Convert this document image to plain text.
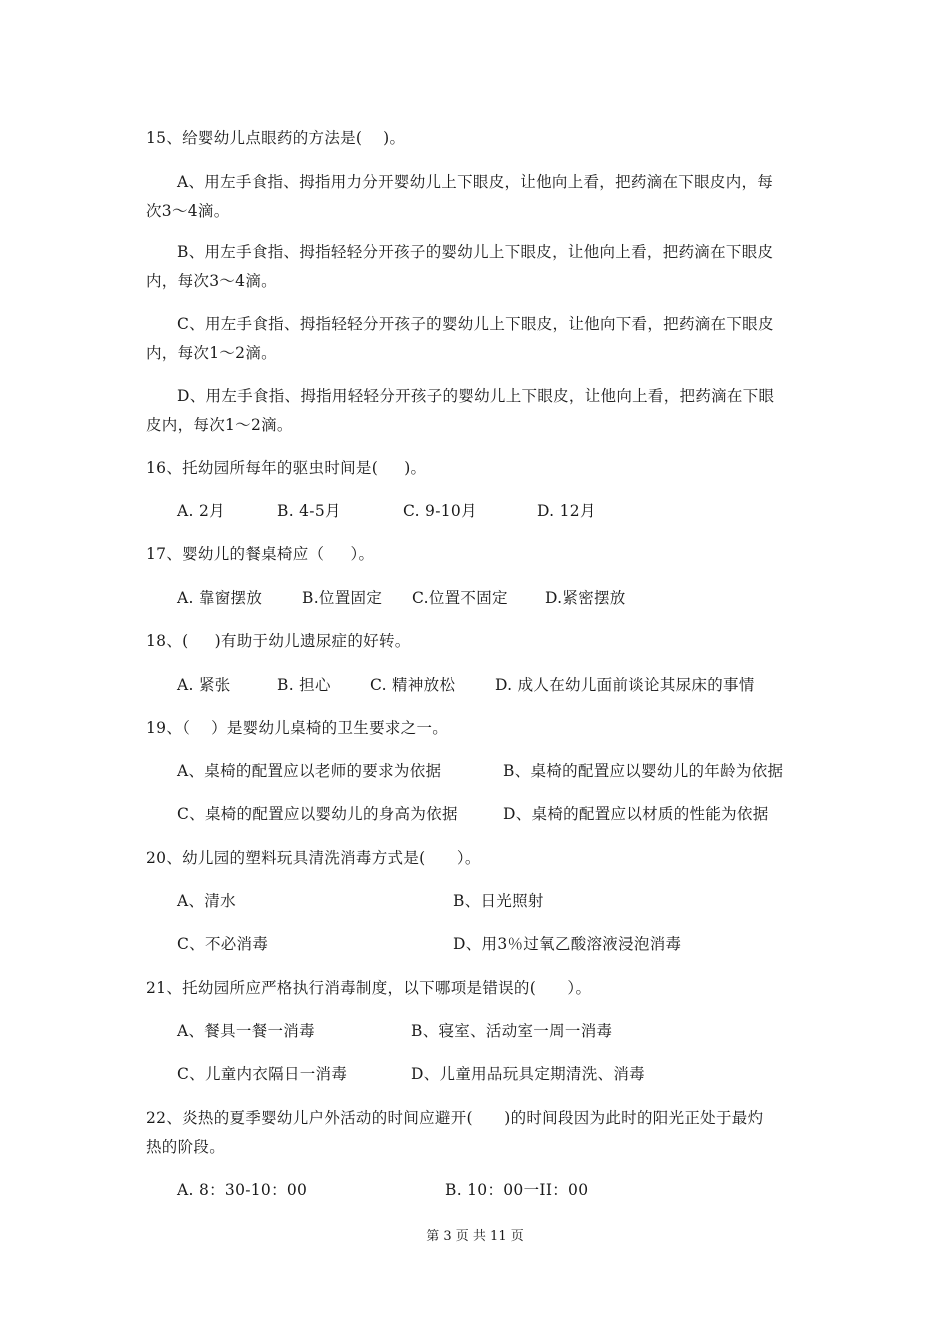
15、给婴幼儿点眼药的方法是(    )。
A、用左手食指、拇指用力分开婴幼儿上下眼皮，让他向上看，把药滴在下眼皮内，每
次3～4滴。
B、用左手食指、拇指轻轻分开孩子的婴幼儿上下眼皮，让他向上看，把药滴在下眼皮
内，每次3～4滴。
C、用左手食指、拇指轻轻分开孩子的婴幼儿上下眼皮，让他向下看，把药滴在下眼皮
内，每次1～2滴。
D、用左手食指、拇指用轻轻分开孩子的婴幼儿上下眼皮，让他向上看，把药滴在下眼
皮内，每次1～2滴。
16、托幼园所每年的驱虫时间是(     )。
A. 2月	B. 4-5月	C. 9-10月	D. 12月
17、婴幼儿的餐桌椅应（     ）。
A. 靠窗摆放	B.位置固定 C.位置不固定 D.紧密摆放
18、(     )有助于幼儿遗尿症的好转。
A. 紧张	B. 担心	C. 精神放松	D. 成人在幼儿面前谈论其尿床的事情
19、（    ）是婴幼儿桌椅的卫生要求之一。
A、桌椅的配置应以老师的要求为依据	B、桌椅的配置应以婴幼儿的年龄为依据
C、桌椅的配置应以婴幼儿的身高为依据	D、桌椅的配置应以材质的性能为依据
20、幼儿园的塑料玩具清洗消毒方式是(      ）。
A、清水	B、日光照射
C、不必消毒	D、用3％过氧乙酸溶液浸泡消毒
21、托幼园所应严格执行消毒制度，以下哪项是错误的(      ）。
A、餐具一餐一消毒	B、寝室、活动室一周一消毒
C、儿童内衣隔日一消毒	D、儿童用品玩具定期清洗、消毒
22、炎热的夏季婴幼儿户外活动的时间应避开(      )的时间段因为此时的阳光正处于最灼
热的阶段。
A. 8：30-10：00	B. 10：00一II：00
第 3 页 共 11 页
